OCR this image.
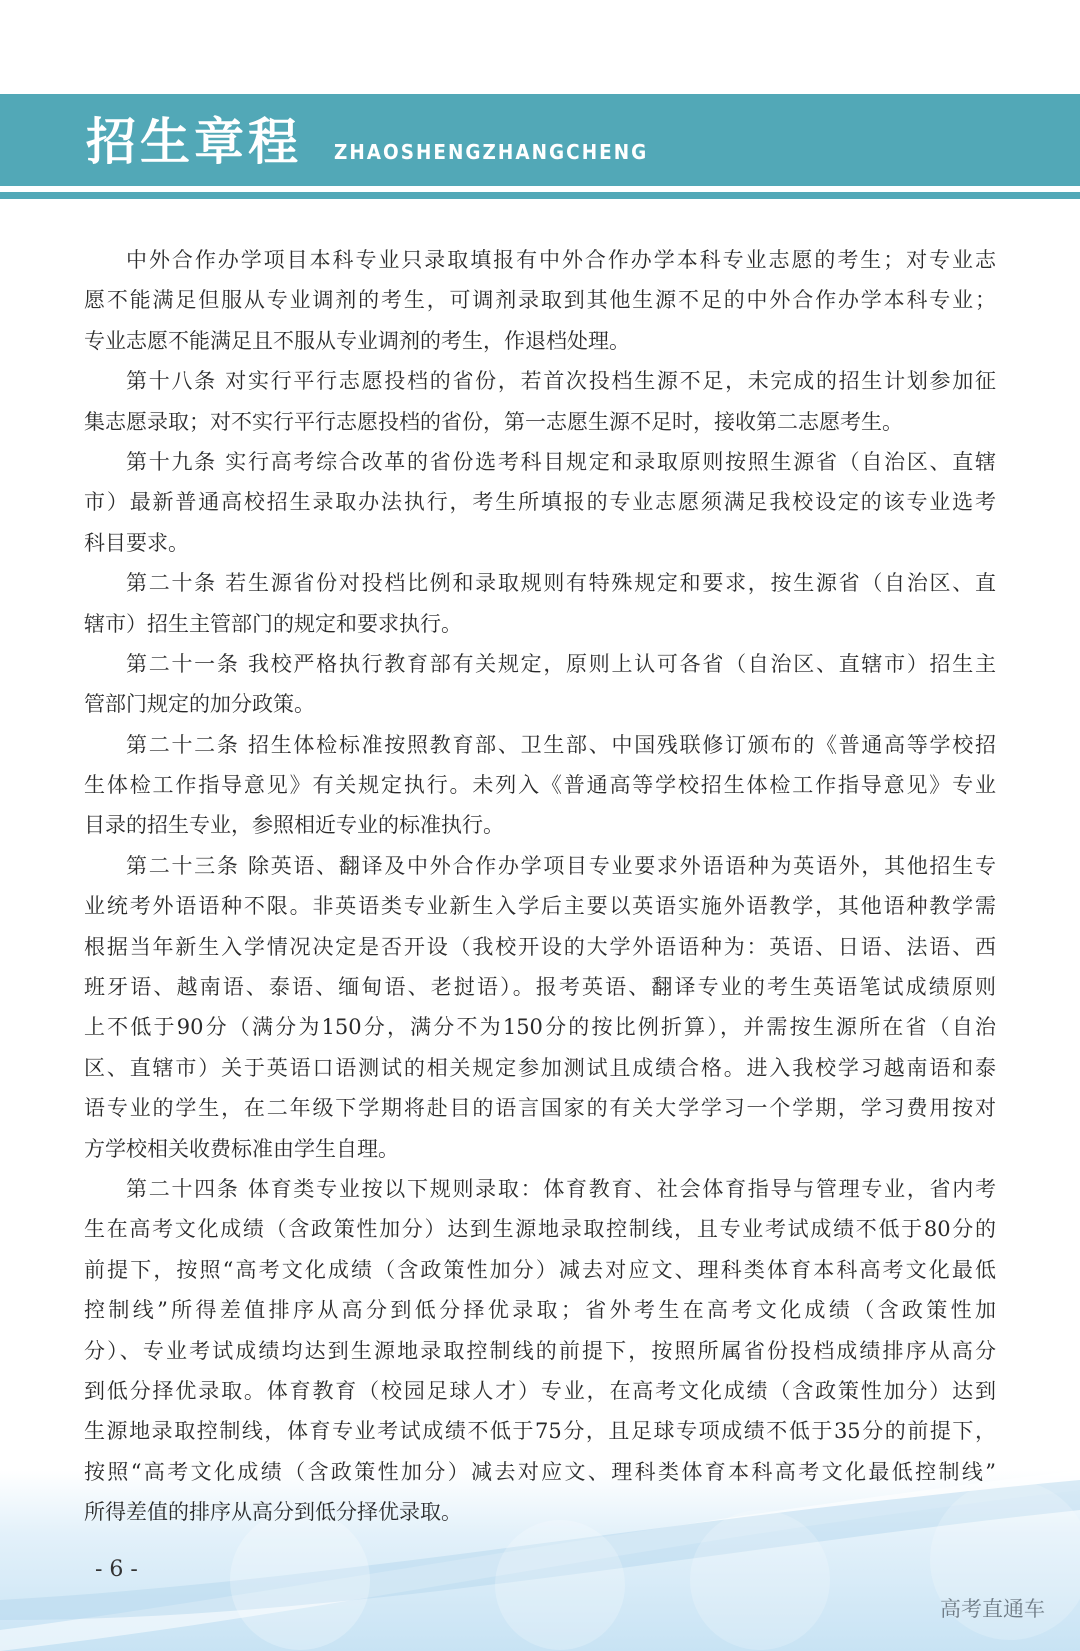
招生章程 ZHAOSHENGZHANGCHENG
中外合作办学项目本科专业只录取填报有中外合作办学本科专业志愿的考生；对专业志
愿不能满足但服从专业调剂的考生，可调剂录取到其他生源不足的中外合作办学本科专业；
专业志愿不能满足且不服从专业调剂的考生，作退档处理。
第十八条 对实行平行志愿投档的省份，若首次投档生源不足，未完成的招生计划参加征
集志愿录取；对不实行平行志愿投档的省份，第一志愿生源不足时，接收第二志愿考生。
第十九条 实行高考综合改革的省份选考科目规定和录取原则按照生源省（自治区、直辖
市）最新普通高校招生录取办法执行，考生所填报的专业志愿须满足我校设定的该专业选考
科目要求。
第二十条 若生源省份对投档比例和录取规则有特殊规定和要求，按生源省（自治区、直
辖市）招生主管部门的规定和要求执行。
第二十一条 我校严格执行教育部有关规定，原则上认可各省（自治区、直辖市）招生主
管部门规定的加分政策。
第二十二条 招生体检标准按照教育部、卫生部、中国残联修订颁布的《普通高等学校招
生体检工作指导意见》有关规定执行。未列入《普通高等学校招生体检工作指导意见》专业
目录的招生专业，参照相近专业的标准执行。
第二十三条 除英语、翻译及中外合作办学项目专业要求外语语种为英语外，其他招生专
业统考外语语种不限。非英语类专业新生入学后主要以英语实施外语教学，其他语种教学需
根据当年新生入学情况决定是否开设（我校开设的大学外语语种为：英语、日语、法语、西
班牙语、越南语、泰语、缅甸语、老挝语）。报考英语、翻译专业的考生英语笔试成绩原则
上不低于90分（满分为150分，满分不为150分的按比例折算），并需按生源所在省（自治
区、直辖市）关于英语口语测试的相关规定参加测试且成绩合格。进入我校学习越南语和泰
语专业的学生，在二年级下学期将赴目的语言国家的有关大学学习一个学期，学习费用按对
方学校相关收费标准由学生自理。
第二十四条 体育类专业按以下规则录取：体育教育、社会体育指导与管理专业，省内考
生在高考文化成绩（含政策性加分）达到生源地录取控制线，且专业考试成绩不低于80分的
前提下，按照“高考文化成绩（含政策性加分）减去对应文、理科类体育本科高考文化最低
控制线”所得差值排序从高分到低分择优录取；省外考生在高考文化成绩（含政策性加
分）、专业考试成绩均达到生源地录取控制线的前提下，按照所属省份投档成绩排序从高分
到低分择优录取。体育教育（校园足球人才）专业，在高考文化成绩（含政策性加分）达到
生源地录取控制线，体育专业考试成绩不低于75分，且足球专项成绩不低于35分的前提下，
按照“高考文化成绩（含政策性加分）减去对应文、理科类体育本科高考文化最低控制线”
所得差值的排序从高分到低分择优录取。
- 6 -
高考直通车
